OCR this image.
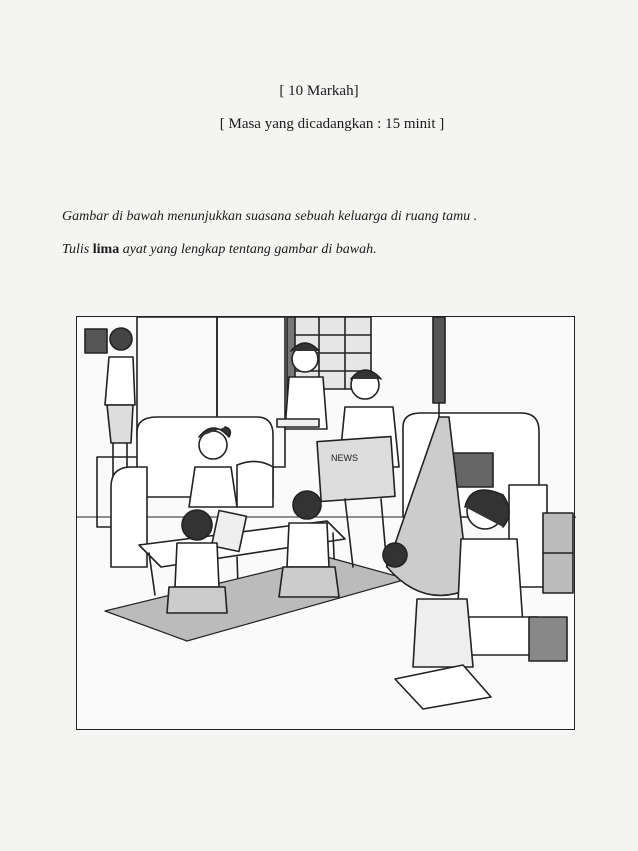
[ 10 Markah]
[ Masa yang dicadangkan : 15 minit ]
Gambar di bawah menunjukkan suasana sebuah keluarga di ruang tamu .
Tulis lima ayat yang lengkap tentang gambar di bawah.
NEWS
